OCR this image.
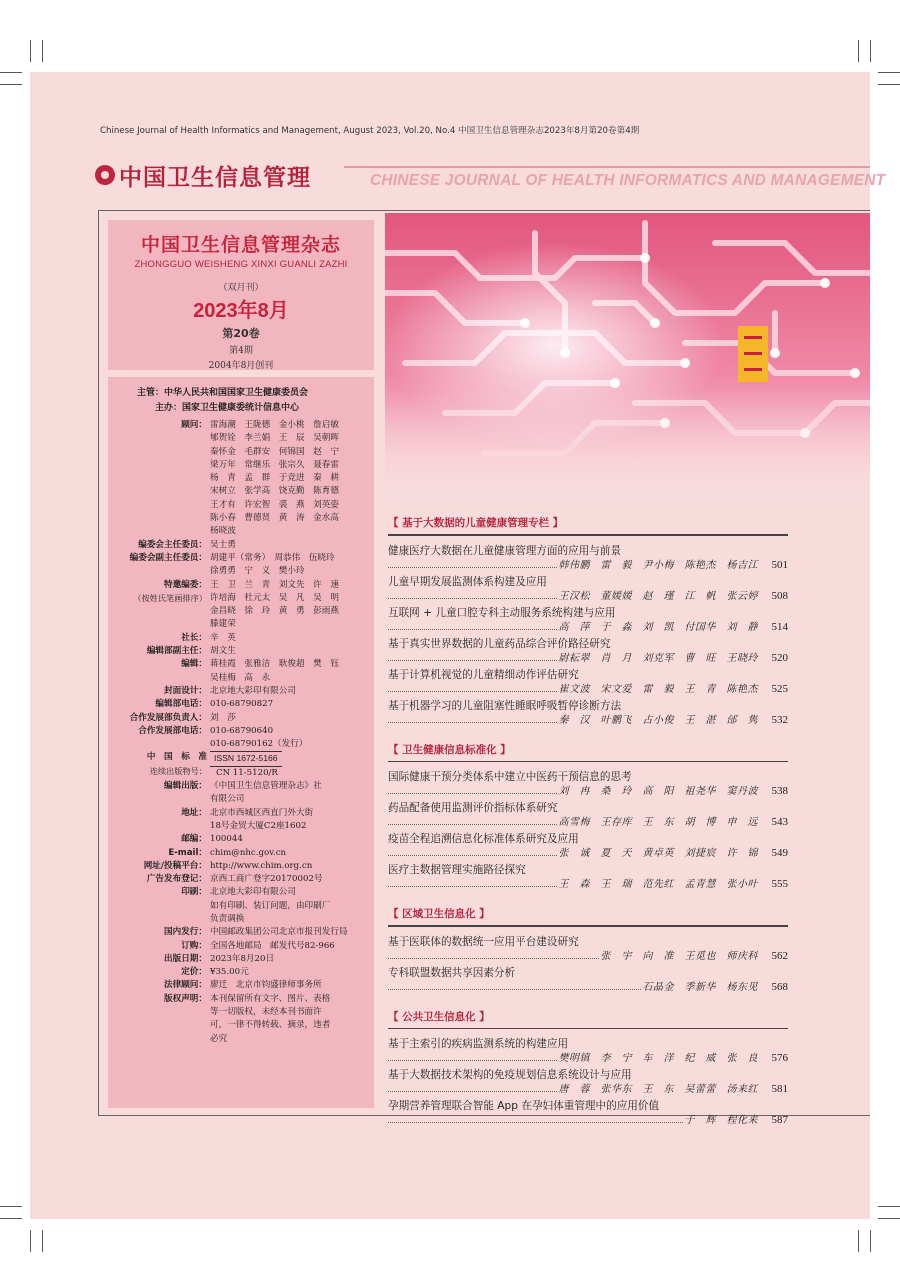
Chinese Journal of Health Informatics and Management, August 2023, Vol.20, No.4 中国卫生信息管理杂志2023年8月第20卷第4期
中国卫生信息管理	CHINESE JOURNAL OF HEALTH INFORMATICS AND MANAGEMENT
中国卫生信息管理杂志
ZHONGGUO WEISHENG XINXI GUANLI ZAZHI
（双月刊）
2023年8月
第20卷
第4期
2004年8月创刊
主管：中华人民共和国国家卫生健康委员会
主办：国家卫生健康委统计信息中心
顾问： 雷海潮　王陇德　金小桃　詹启敏
郇贺铨　李兰娟　王　辰　吴朝晖
秦怀金　毛群安　何锦国　赵　宁
梁万年　常继乐　张宗久　聂春雷
杨　青　孟　群　于竞进　秦　耕
宋树立　张学高　饶克勤　陈育德
王才有　许宏智　裘　燕　刘英姿
陈小春　曹德贤　黄　涛　金水高
杨晓波
编委会主任委员： 吴士勇
编委会副主任委员： 胡建平（常务）　周恭伟　伍晓玲
徐勇勇　宁　义　樊小玲
特邀编委：
（按姓氏笔画排序）
王　卫　兰　青　刘文先　许　速
许培海　杜元太　吴　凡　吴　明
金昌晓　徐　玲　黄　勇　彭雨燕
滕建荣
社长： 辛　英
编辑部副主任： 胡文生
编辑： 蒋桂霞　张雅洁　耿俊超　樊　钰
吴桂梅　高　永
封面设计： 北京地大彩印有限公司
编辑部电话： 010-68790827
合作发展部负责人： 刘　莎
合作发展部电话： 010-68790640
010-68790162（发行）
中　国　标　准
连续出版物号：
ISSN 1672-5166
CN 11-5120/R
编辑出版： 《中国卫生信息管理杂志》社
有限公司
地址： 北京市西城区西直门外大街
18号金贸大厦C2座1602
邮编： 100044
E-mail： chim@nhc.gov.cn
网址/投稿平台： http://www.chim.org.cn
广告发布登记： 京西工商广登字20170002号
印刷： 北京地大彩印有限公司
如有印刷、装订问题，由印刷厂
负责调换
国内发行： 中国邮政集团公司北京市报刊发行局
订购： 全国各地邮局　邮发代号82-966
出版日期： 2023年8月20日
定价： ¥35.00元
法律顾问： 廖迁　北京市钧盛律师事务所
版权声明： 本刊保留所有文字、图片、表格
等一切版权，未经本刊书面许
可，一律不得转载、摘录，违者
必究
【 基于大数据的儿童健康管理专栏 】
健康医疗大数据在儿童健康管理方面的应用与前景
韩伟鹏　雷　毅　尹小梅　陈艳杰　杨吉江	501
儿童早期发展监测体系构建及应用
王汉松　董媛媛　赵　瑾　江　帆　张云婷	508
互联网 + 儿童口腔专科主动服务系统构建与应用
高　萍　于　淼　刘　凯　付国华　刘　静	514
基于真实世界数据的儿童药品综合评价路径研究
尉耘翠　肖　月　刘克军　曹　旺　王晓玲	520
基于计算机视觉的儿童精细动作评估研究
崔文波　宋文爱　雷　毅　王　青　陈艳杰	525
基于机器学习的儿童阻塞性睡眠呼吸暂停诊断方法
秦　汉　叶鹏飞　占小俊　王　湛　邰　隽	532
【 卫生健康信息标准化 】
国际健康干预分类体系中建立中医药干预信息的思考
刘　冉　桑　玲　高　阳　祖尧华　窦丹波	538
药品配备使用监测评价指标体系研究
高雪梅　王存库　王　东　胡　博　申　远	543
疫苗全程追溯信息化标准体系研究及应用
张　诚　夏　天　黄卓英　刘捷宸　许　锦	549
医疗主数据管理实施路径探究
王　森　王　瑞　范先红　孟青慧　张小叶	555
【 区域卫生信息化 】
基于医联体的数据统一应用平台建设研究
张　宇　向　准　王觅也　师庆科	562
专科联盟数据共享因素分析
石晶金　季新华　杨东见	568
【 公共卫生信息化 】
基于主索引的疾病监测系统的构建应用
樊明镇　李　宁　车　洋　纪　威　张　良	576
基于大数据技术架构的免疫规划信息系统设计与应用
唐　蓉　张华东　王　东　吴蕾蕾　汤来红	581
孕期营养管理联合智能 App 在孕妇体重管理中的应用价值
于　辉　程化来	587
